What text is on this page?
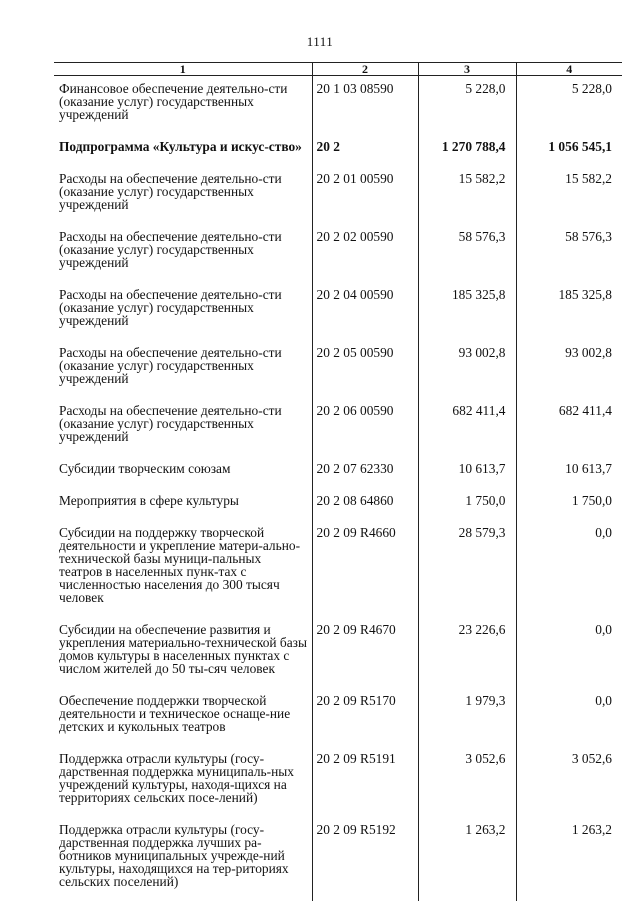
1111
1	2	3	4
Финансовое обеспечение деятельно-сти (оказание услуг) государственных учреждений	20 1 03 08590	5 228,0	5 228,0
Подпрограмма «Культура и искус-ство»	20 2	1 270 788,4	1 056 545,1
Расходы на обеспечение деятельно-сти (оказание услуг) государственных учреждений	20 2 01 00590	15 582,2	15 582,2
Расходы на обеспечение деятельно-сти (оказание услуг) государственных учреждений	20 2 02 00590	58 576,3	58 576,3
Расходы на обеспечение деятельно-сти (оказание услуг) государственных учреждений	20 2 04 00590	185 325,8	185 325,8
Расходы на обеспечение деятельно-сти (оказание услуг) государственных учреждений	20 2 05 00590	93 002,8	93 002,8
Расходы на обеспечение деятельно-сти (оказание услуг) государственных учреждений	20 2 06 00590	682 411,4	682 411,4
Субсидии творческим союзам	20 2 07 62330	10 613,7	10 613,7
Мероприятия в сфере культуры	20 2 08 64860	1 750,0	1 750,0
Субсидии на поддержку творческой деятельности и укрепление матери-ально-технической базы муници-пальных театров в населенных пунк-тах с численностью населения до 300 тысяч человек	20 2 09 R4660	28 579,3	0,0
Субсидии на обеспечение развития и укрепления материально-технической базы домов культуры в населенных пунктах с числом жителей до 50 ты-сяч человек	20 2 09 R4670	23 226,6	0,0
Обеспечение поддержки творческой деятельности и техническое оснаще-ние детских и кукольных театров	20 2 09 R5170	1 979,3	0,0
Поддержка отрасли культуры (госу-дарственная поддержка муниципаль-ных учреждений культуры, находя-щихся на территориях сельских посе-лений)	20 2 09 R5191	3 052,6	3 052,6
Поддержка отрасли культуры (госу-дарственная поддержка лучших ра-ботников муниципальных учрежде-ний культуры, находящихся на тер-риториях сельских поселений)	20 2 09 R5192	1 263,2	1 263,2
